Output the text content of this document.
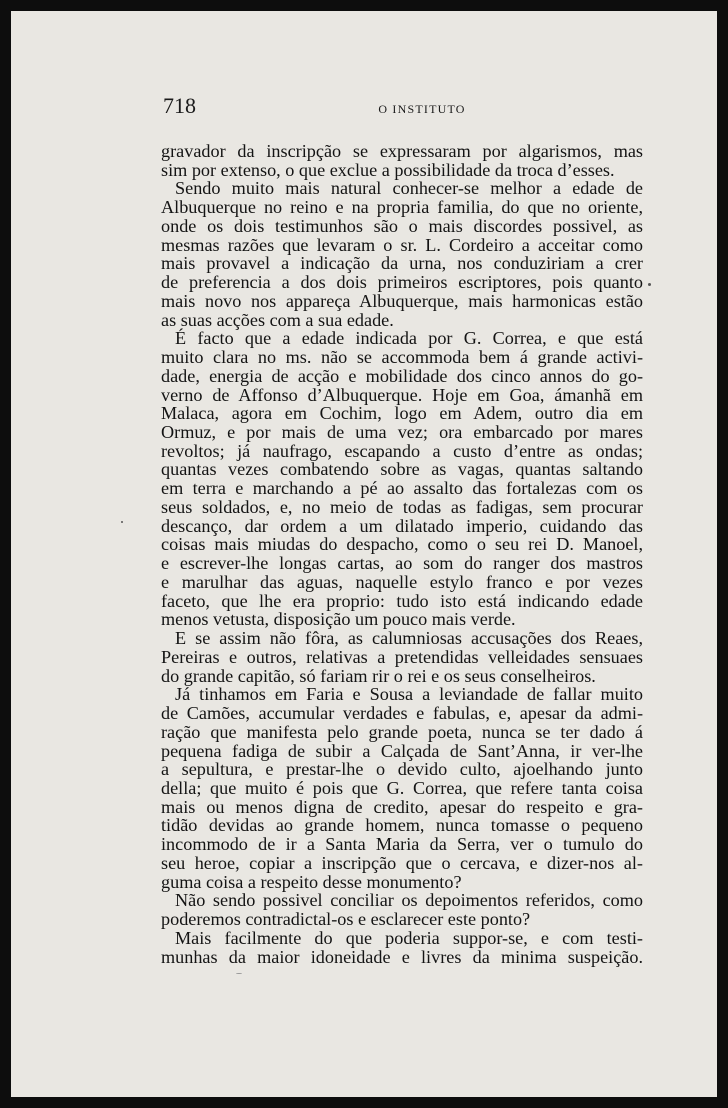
718	O INSTITUTO
gravador da inscripção se expressaram por algarismos, mas
sim por extenso, o que exclue a possibilidade da troca d’esses.
Sendo muito mais natural conhecer-se melhor a edade de
Albuquerque no reino e na propria familia, do que no oriente,
onde os dois testimunhos são o mais discordes possivel, as
mesmas razões que levaram o sr. L. Cordeiro a acceitar como
mais provavel a indicação da urna, nos conduziriam a crer
de preferencia a dos dois primeiros escriptores, pois quanto
mais novo nos appareça Albuquerque, mais harmonicas estão
as suas acções com a sua edade.
É facto que a edade indicada por G. Correa, e que está
muito clara no ms. não se accommoda bem á grande activi-
dade, energia de acção e mobilidade dos cinco annos do go-
verno de Affonso d’Albuquerque. Hoje em Goa, ámanhã em
Malaca, agora em Cochim, logo em Adem, outro dia em
Ormuz, e por mais de uma vez; ora embarcado por mares
revoltos; já naufrago, escapando a custo d’entre as ondas;
quantas vezes combatendo sobre as vagas, quantas saltando
em terra e marchando a pé ao assalto das fortalezas com os
seus soldados, e, no meio de todas as fadigas, sem procurar
descanço, dar ordem a um dilatado imperio, cuidando das
coisas mais miudas do despacho, como o seu rei D. Manoel,
e escrever-lhe longas cartas, ao som do ranger dos mastros
e marulhar das aguas, naquelle estylo franco e por vezes
faceto, que lhe era proprio: tudo isto está indicando edade
menos vetusta, disposição um pouco mais verde.
E se assim não fôra, as calumniosas accusações dos Reaes,
Pereiras e outros, relativas a pretendidas velleidades sensuaes
do grande capitão, só fariam rir o rei e os seus conselheiros.
Já tinhamos em Faria e Sousa a leviandade de fallar muito
de Camões, accumular verdades e fabulas, e, apesar da admi-
ração que manifesta pelo grande poeta, nunca se ter dado á
pequena fadiga de subir a Calçada de Sant’Anna, ir ver-lhe
a sepultura, e prestar-lhe o devido culto, ajoelhando junto
della; que muito é pois que G. Correa, que refere tanta coisa
mais ou menos digna de credito, apesar do respeito e gra-
tidão devidas ao grande homem, nunca tomasse o pequeno
incommodo de ir a Santa Maria da Serra, ver o tumulo do
seu heroe, copiar a inscripção que o cercava, e dizer-nos al-
guma coisa a respeito desse monumento?
Não sendo possivel conciliar os depoimentos referidos, como
poderemos contradictal-os e esclarecer este ponto?
Mais facilmente do que poderia suppor-se, e com testi-
munhas da maior idoneidade e livres da minima suspeição.
